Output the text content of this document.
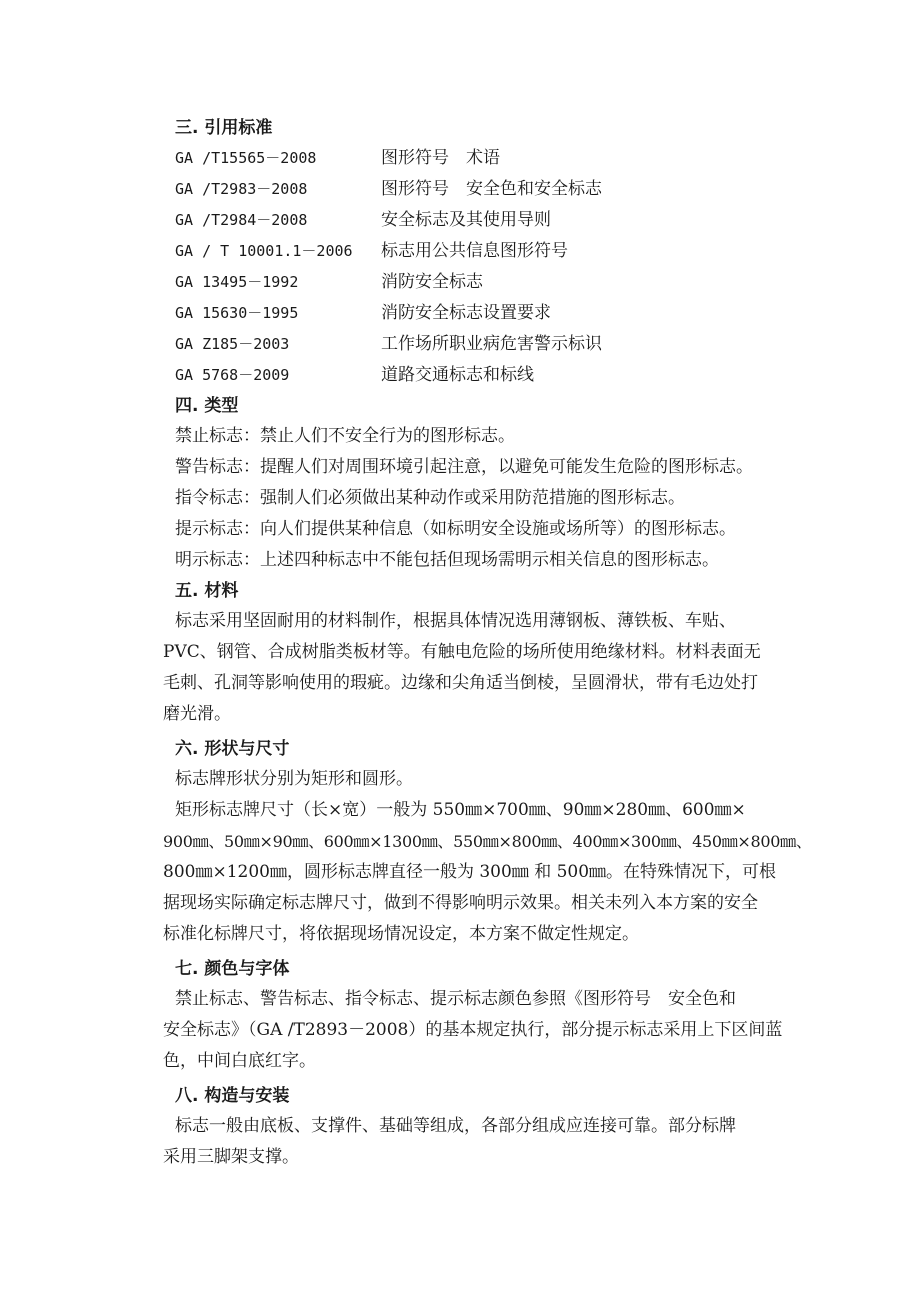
三. 引用标准

GA /T15565－2008	图形符号　术语
GA /T2983－2008	图形符号　安全色和安全标志
GA /T2984－2008	安全标志及其使用导则
GA / T 10001.1－2006	标志用公共信息图形符号
GA 13495－1992	消防安全标志
GA 15630－1995	消防安全标志设置要求
GA Z185－2003	工作场所职业病危害警示标识
GA 5768－2009	道路交通标志和标线

四. 类型

禁止标志：禁止人们不安全行为的图形标志。

警告标志：提醒人们对周围环境引起注意，以避免可能发生危险的图形标志。

指令标志：强制人们必须做出某种动作或采用防范措施的图形标志。

提示标志：向人们提供某种信息（如标明安全设施或场所等）的图形标志。

明示标志：上述四种标志中不能包括但现场需明示相关信息的图形标志。

五. 材料

标志采用坚固耐用的材料制作，根据具体情况选用薄钢板、薄铁板、车贴、

PVC、钢管、合成树脂类板材等。有触电危险的场所使用绝缘材料。材料表面无

毛刺、孔洞等影响使用的瑕疵。边缘和尖角适当倒棱，呈圆滑状，带有毛边处打

磨光滑。

六. 形状与尺寸

标志牌形状分别为矩形和圆形。

矩形标志牌尺寸（长×宽）一般为 550㎜×700㎜、90㎜×280㎜、600㎜×

900㎜、50㎜×90㎜、600㎜×1300㎜、550㎜×800㎜、400㎜×300㎜、450㎜×800㎜、

800㎜×1200㎜，圆形标志牌直径一般为 300㎜ 和 500㎜。在特殊情况下，可根

据现场实际确定标志牌尺寸，做到不得影响明示效果。相关未列入本方案的安全

标准化标牌尺寸，将依据现场情况设定，本方案不做定性规定。

七. 颜色与字体

禁止标志、警告标志、指令标志、提示标志颜色参照《图形符号　安全色和

安全标志》（GA /T2893－2008）的基本规定执行，部分提示标志采用上下区间蓝

色，中间白底红字。

八. 构造与安装

标志一般由底板、支撑件、基础等组成，各部分组成应连接可靠。部分标牌

采用三脚架支撑。
